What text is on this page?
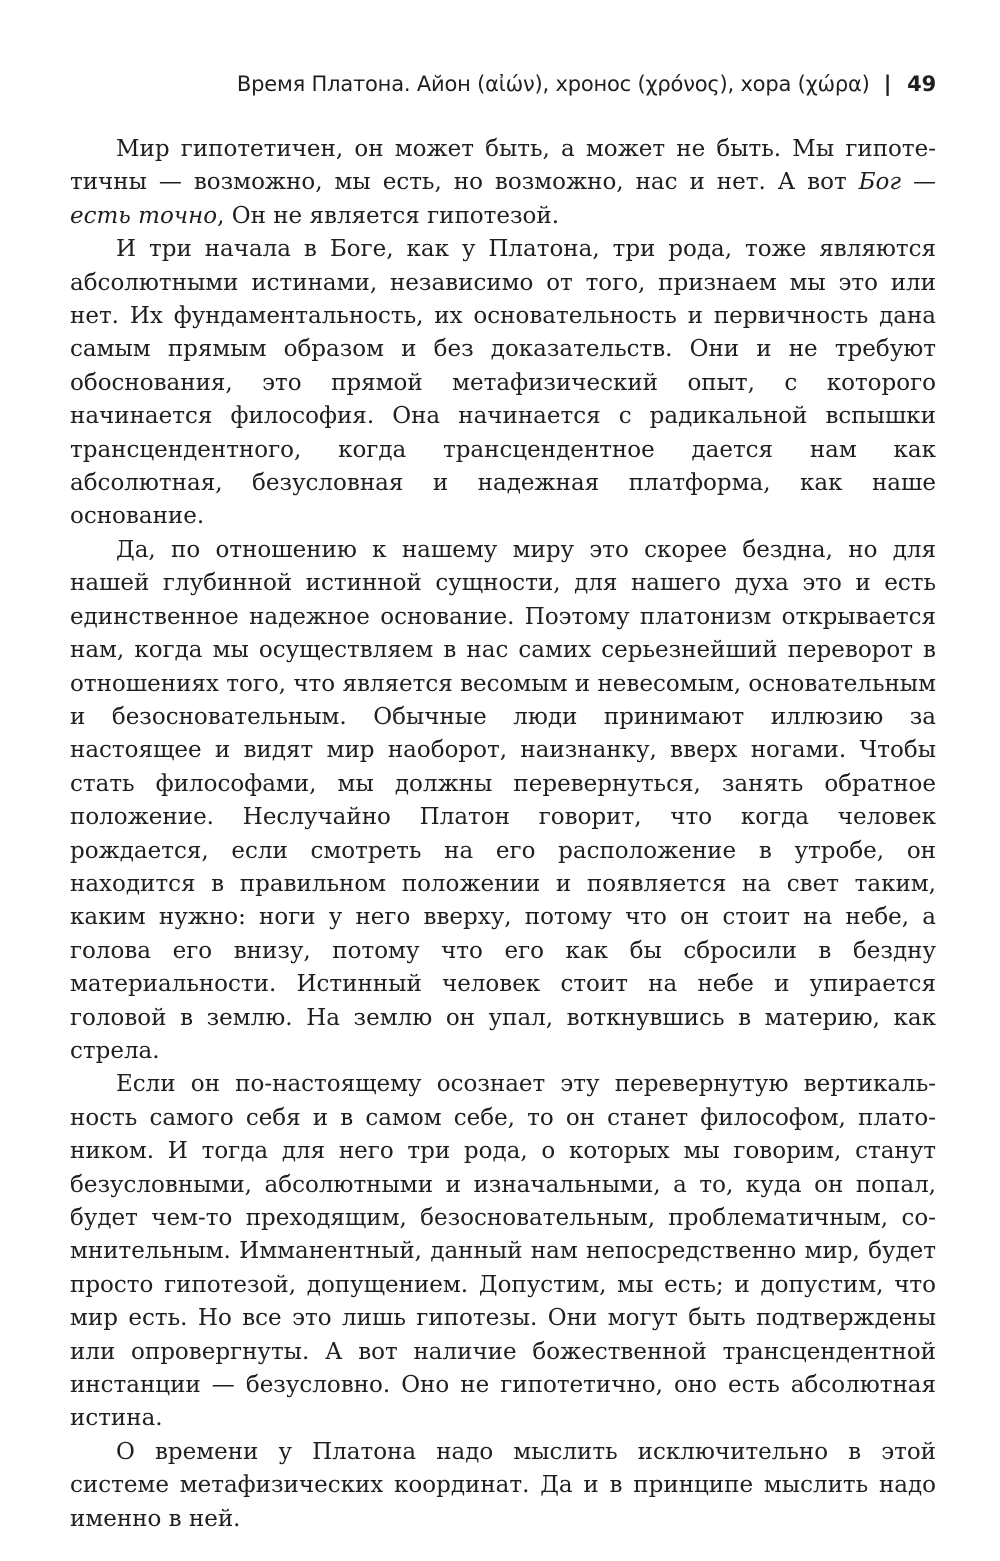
Время Платона. Айон (αἰών), хронос (χρόνος), хора (χώρα) | 49

Мир гипотетичен, он может быть, а может не быть. Мы гипотетичны — возможно, мы есть, но возможно, нас и нет. А вот Бог — есть точно, Он не является гипотезой.

И три начала в Боге, как у Платона, три рода, тоже являются абсолютными истинами, независимо от того, признаем мы это или нет. Их фундаментальность, их основательность и первичность дана самым прямым образом и без доказательств. Они и не требуют обоснования, это прямой метафизический опыт, с которого начинается философия. Она начинается с радикальной вспышки трансцендентного, когда трансцендентное дается нам как абсолютная, безусловная и надежная платформа, как наше основание.

Да, по отношению к нашему миру это скорее бездна, но для нашей глубинной истинной сущности, для нашего духа это и есть единственное надежное основание. Поэтому платонизм открывается нам, когда мы осуществляем в нас самих серьезнейший переворот в отношениях того, что является весомым и невесомым, основательным и безосновательным. Обычные люди принимают иллюзию за настоящее и видят мир наоборот, наизнанку, вверх ногами. Чтобы стать философами, мы должны перевернуться, занять обратное положение. Неслучайно Платон говорит, что когда человек рождается, если смотреть на его расположение в утробе, он находится в правильном положении и появляется на свет таким, каким нужно: ноги у него вверху, потому что он стоит на небе, а голова его внизу, потому что его как бы сбросили в бездну материальности. Истинный человек стоит на небе и упирается головой в землю. На землю он упал, воткнувшись в материю, как стрела.

Если он по-настоящему осознает эту перевернутую вертикальность самого себя и в самом себе, то он станет философом, платоником. И тогда для него три рода, о которых мы говорим, станут безусловными, абсолютными и изначальными, а то, куда он попал, будет чем-то преходящим, безосновательным, проблематичным, сомнительным. Имманентный, данный нам непосредственно мир, будет просто гипотезой, допущением. Допустим, мы есть; и допустим, что мир есть. Но все это лишь гипотезы. Они могут быть подтверждены или опровергнуты. А вот наличие божественной трансцендентной инстанции — безусловно. Оно не гипотетично, оно есть абсолютная истина.

О времени у Платона надо мыслить исключительно в этой системе метафизических координат. Да и в принципе мыслить надо именно в ней.
